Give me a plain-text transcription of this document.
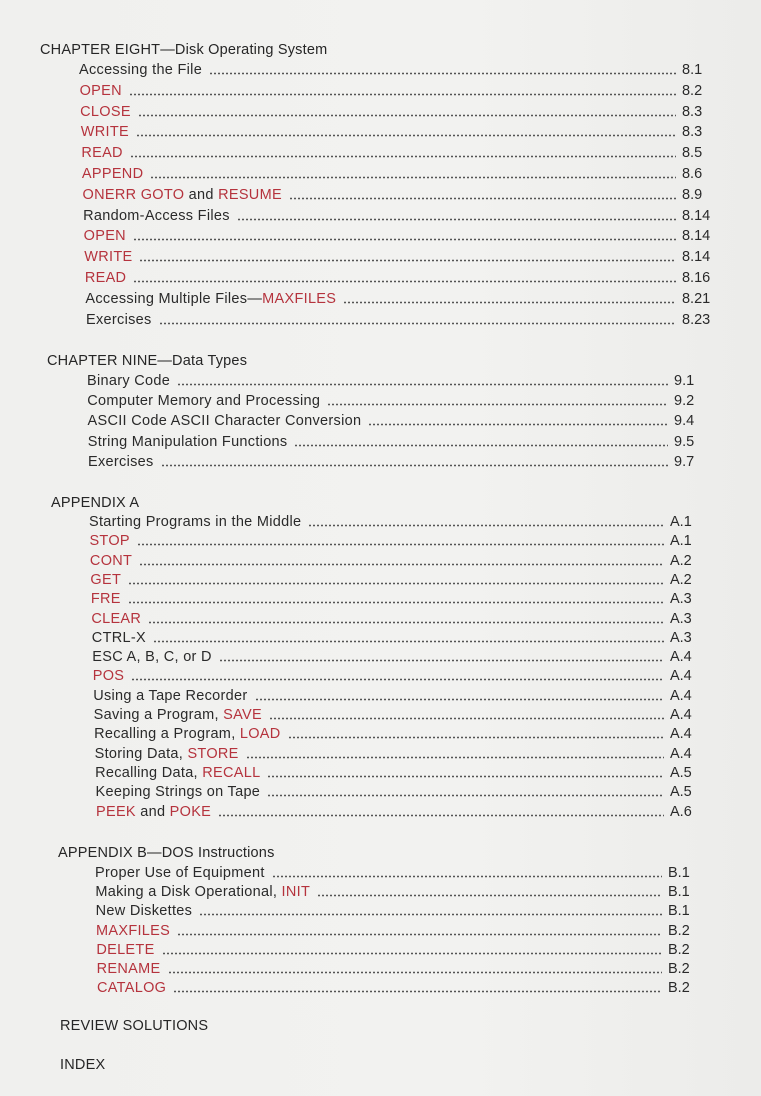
CHAPTER EIGHT—Disk Operating System
Accessing the File	8.1
OPEN	8.2
CLOSE	8.3
WRITE	8.3
READ	8.5
APPEND	8.6
ONERR GOTO and RESUME	8.9
Random-Access Files	8.14
OPEN	8.14
WRITE	8.14
READ	8.16
Accessing Multiple Files—MAXFILES	8.21
Exercises	8.23
CHAPTER NINE—Data Types
Binary Code	9.1
Computer Memory and Processing	9.2
ASCII Code ASCII Character Conversion	9.4
String Manipulation Functions	9.5
Exercises	9.7
APPENDIX A
Starting Programs in the Middle	A.1
STOP	A.1
CONT	A.2
GET	A.2
FRE	A.3
CLEAR	A.3
CTRL-X	A.3
ESC A, B, C, or D	A.4
POS	A.4
Using a Tape Recorder	A.4
Saving a Program, SAVE	A.4
Recalling a Program, LOAD	A.4
Storing Data, STORE	A.4
Recalling Data, RECALL	A.5
Keeping Strings on Tape	A.5
PEEK and POKE	A.6
APPENDIX B—DOS Instructions
Proper Use of Equipment	B.1
Making a Disk Operational, INIT	B.1
New Diskettes	B.1
MAXFILES	B.2
DELETE	B.2
RENAME	B.2
CATALOG	B.2
REVIEW SOLUTIONS
INDEX
